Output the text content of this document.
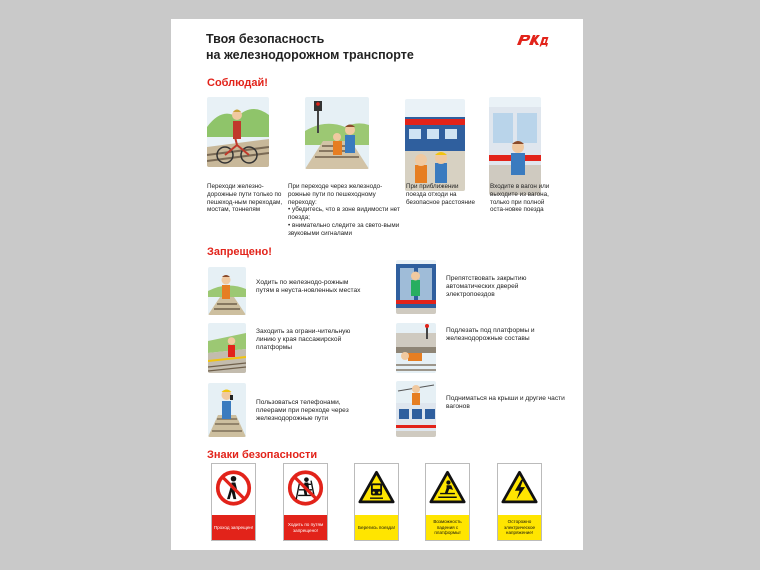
Твоя безопасность
на железнодорожном транспорте
Соблюдай!
Переходи железно-дорожные пути только по пешеход-ным переходам, мостам, тоннелям
При переходе через железнодо-рожные пути по пешеходному переходу:
• убедитесь, что в зоне видимости нет поезда;
• внимательно следите за свето-выми звуковыми сигналами
При приближении поезда отходи на безопасное расстояние
Входите в вагон или выходите из вагона, только при полной оста-новке поезда
Запрещено!
Ходить по железнодо-рожным путям в неуста-новленных местах
Заходить за ограни-чительную линию у края пассажирской платформы
Пользоваться телефонами, плеерами при переходе через железнодорожные пути
Препятствовать закрытию автоматических дверей электропоездов
Подлезать под платформы и железнодорожные составы
Подниматься на крыши и другие части вагонов
Знаки безопасности
Проход запрещен!
Ходить по путям запрещено!
Берегись поезда!
Возможность падения с платформы!
Осторожно электрическое напряжение!
